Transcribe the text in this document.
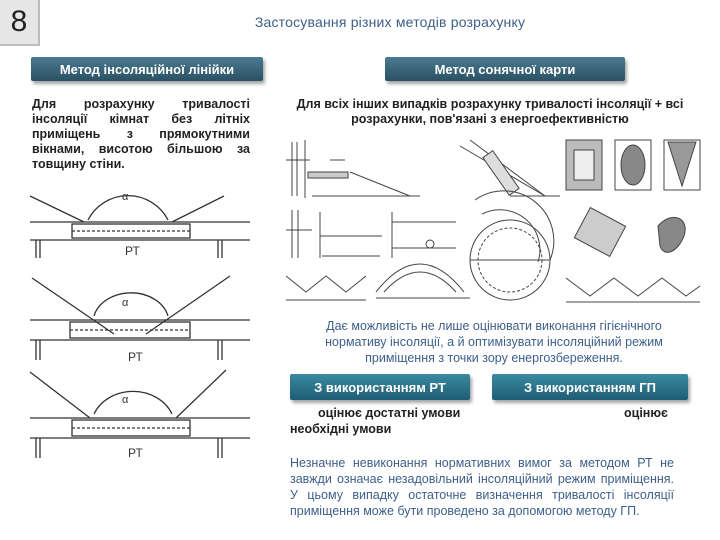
8	Застосування різних методів розрахунку
Метод інсоляційної лінійки
Для розрахунку тривалості інсоляції кімнат без літніх приміщень з прямокутними вікнами, висотою більшою за товщину стіни.
Метод сонячної карти
Для всіх інших випадків розрахунку тривалості інсоляції + всі розрахунки, пов'язані з енергоефективністю
α
РТ
α
РТ
α
РТ
Дає можливість не лише оцінювати виконання гігієнічного нормативу інсоляції, а й оптимізувати інсоляційний режим приміщення з точки зору енергозбереження.
З використанням РТ	З використанням ГП
оцінює достатні умови
необхідні умови
оцінює
Незначне невиконання нормативних вимог за методом РТ не завжди означає незадовільний інсоляційний режим приміщення. У цьому випадку остаточне визначення тривалості інсоляції приміщення може бути проведено за допомогою методу ГП.
